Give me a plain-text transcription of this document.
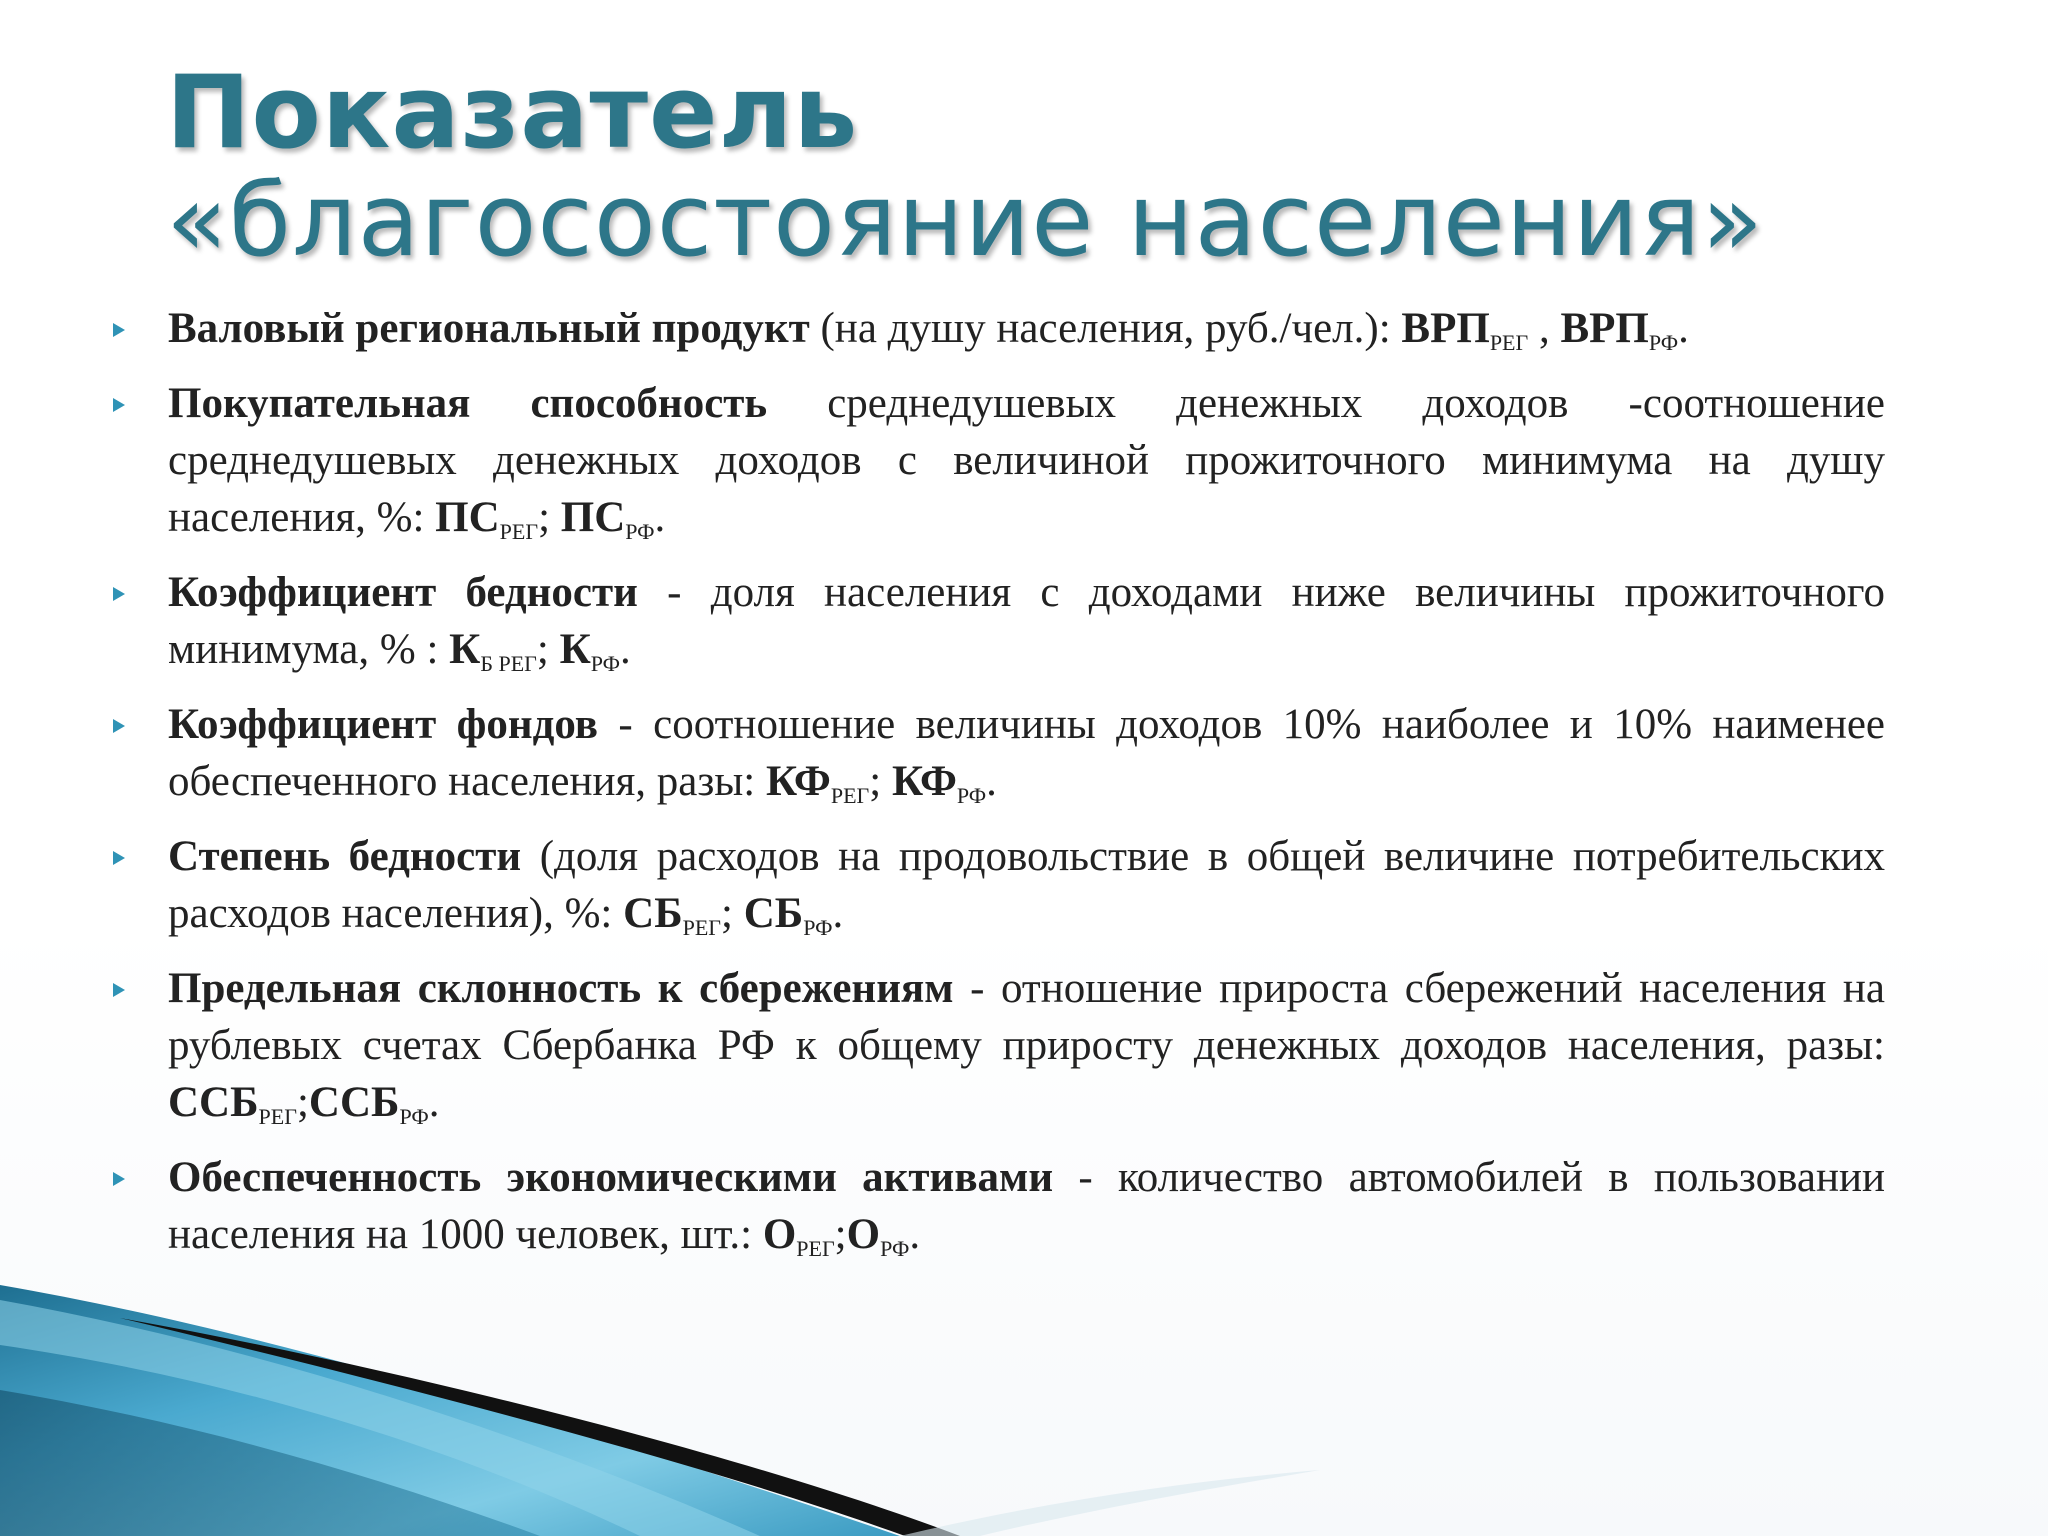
Показатель
«благосостояние населения»
Валовый региональный продукт (на душу населения, руб./чел.): $ВРП_{РЕГ}$ , $ВРП_{РФ}$.
Покупательная способность среднедушевых денежных доходов -соотношение среднедушевых денежных доходов с величиной прожиточного минимума на душу населения, %: $ПС_{РЕГ}$; $ПС_{РФ}$.
Коэффициент бедности - доля населения с доходами ниже величины прожиточного минимума, % : $К_{Б РЕГ}$; $К_{РФ}$.
Коэффициент фондов - соотношение величины доходов 10% наиболее и 10% наименее обеспеченного населения, разы: $КФ_{РЕГ}$; $КФ_{РФ}$.
Степень бедности (доля расходов на продовольствие в общей величине потребительских расходов населения), %: $СБ_{РЕГ}$; $СБ_{РФ}$.
Предельная склонность к сбережениям - отношение прироста сбережений населения на рублевых счетах Сбербанка РФ к общему приросту денежных доходов населения, разы: $ССБ_{РЕГ};ССБ_{РФ}$.
Обеспеченность экономическими активами - количество автомобилей в пользовании населения на 1000 человек, шт.: $О_{РЕГ};О_{РФ}$.
